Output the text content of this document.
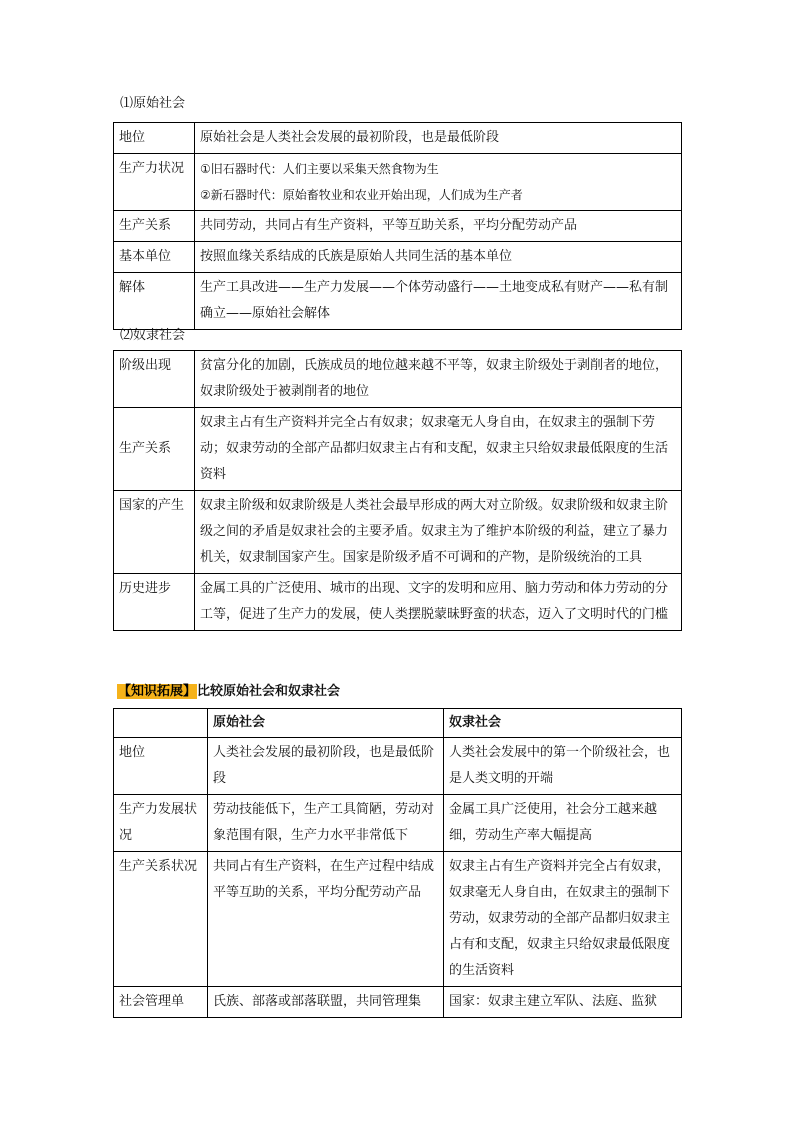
⑴原始社会
地位	原始社会是人类社会发展的最初阶段，也是最低阶段

生产力状况	①旧石器时代：人们主要以采集天然食物为生
②新石器时代：原始畜牧业和农业开始出现，人们成为生产者

生产关系	共同劳动，共同占有生产资料，平等互助关系，平均分配劳动产品

基本单位	按照血缘关系结成的氏族是原始人共同生活的基本单位

解体	生产工具改进——生产力发展——个体劳动盛行——土地变成私有财产——私有制确立——原始社会解体
⑵奴隶社会
阶级出现	贫富分化的加剧，氏族成员的地位越来越不平等，奴隶主阶级处于剥削者的地位，奴隶阶级处于被剥削者的地位
生产关系	奴隶主占有生产资料并完全占有奴隶；奴隶毫无人身自由，在奴隶主的强制下劳动；奴隶劳动的全部产品都归奴隶主占有和支配，奴隶主只给奴隶最低限度的生活资料
国家的产生	奴隶主阶级和奴隶阶级是人类社会最早形成的两大对立阶级。奴隶阶级和奴隶主阶级之间的矛盾是奴隶社会的主要矛盾。奴隶主为了维护本阶级的利益，建立了暴力机关，奴隶制国家产生。国家是阶级矛盾不可调和的产物，是阶级统治的工具
历史进步	金属工具的广泛使用、城市的出现、文字的发明和应用、脑力劳动和体力劳动的分工等，促进了生产力的发展，使人类摆脱蒙昧野蛮的状态，迈入了文明时代的门槛
【知识拓展】比较原始社会和奴隶社会
	原始社会	奴隶社会
地位	人类社会发展的最初阶段，也是最低阶段	人类社会发展中的第一个阶级社会，也是人类文明的开端
生产力发展状况	劳动技能低下，生产工具简陋，劳动对象范围有限，生产力水平非常低下	金属工具广泛使用，社会分工越来越细，劳动生产率大幅提高
生产关系状况	共同占有生产资料，在生产过程中结成平等互助的关系，平均分配劳动产品	奴隶主占有生产资料并完全占有奴隶，奴隶毫无人身自由，在奴隶主的强制下劳动，奴隶劳动的全部产品都归奴隶主占有和支配，奴隶主只给奴隶最低限度的生活资料
社会管理单	氏族、部落或部落联盟，共同管理集	国家：奴隶主建立军队、法庭、监狱
